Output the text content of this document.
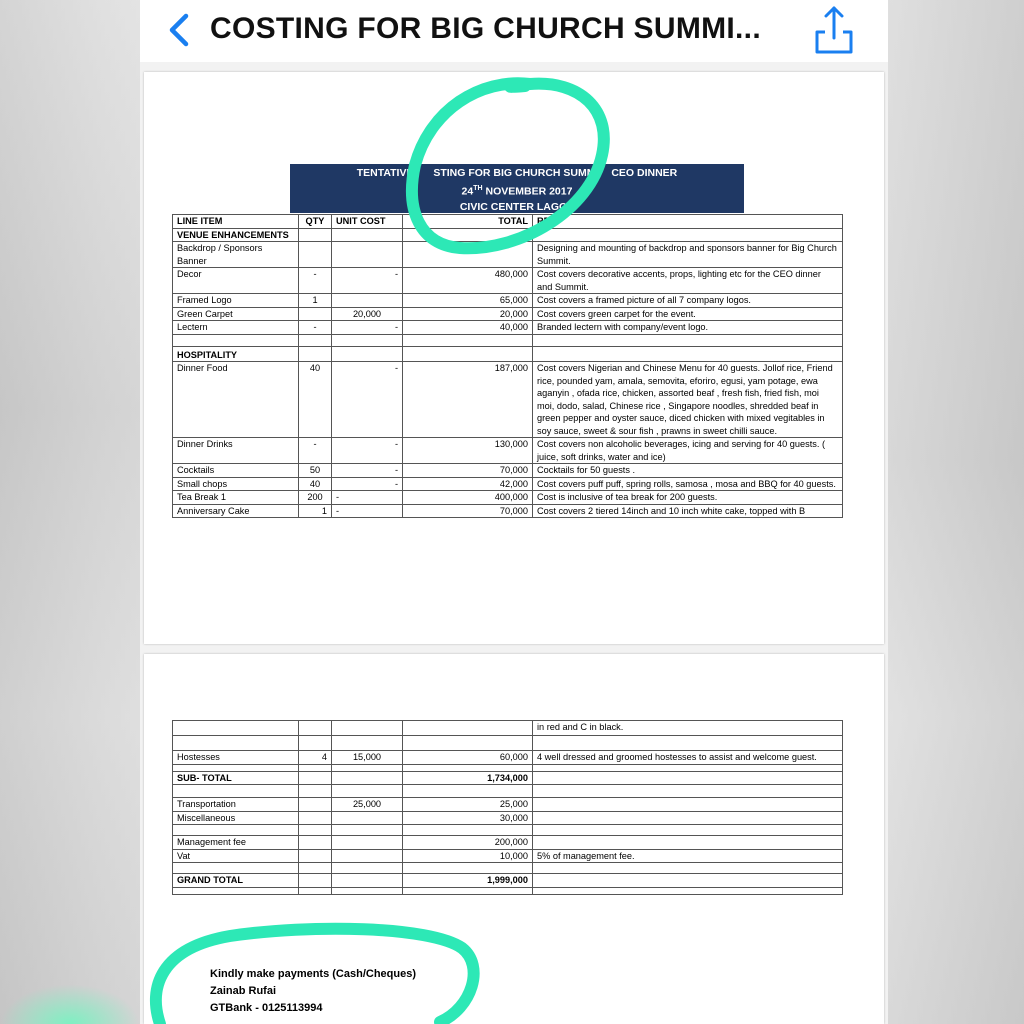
COSTING FOR BIG CHURCH SUMMI...
TENTATIVE STING FOR BIG CHURCH SUMM CEO DINNER
24TH NOVEMBER 2017
CIVIC CENTER LAGOS
LINE ITEM	QTY	UNIT COST	TOTAL	RE
VENUE ENHANCEMENTS				
Backdrop / Sponsors Banner				Designing and mounting of backdrop and sponsors banner for Big Church Summit.
Decor	-	-	480,000	Cost covers decorative accents, props, lighting etc for the CEO dinner and Summit.
Framed Logo	1		65,000	Cost covers a framed picture of all 7 company logos.
Green Carpet		20,000	20,000	Cost covers green carpet for the event.
Lectern	-	-	40,000	Branded lectern with company/event logo.

HOSPITALITY				
Dinner Food	40	-	187,000	Cost covers Nigerian and Chinese Menu for 40 guests. Jollof rice, Friend rice, pounded yam, amala, semovita, eforiro, egusi, yam potage, ewa aganyin , ofada rice, chicken, assorted beaf , fresh fish, fried fish, moi moi, dodo, salad, Chinese rice , Singapore noodles, shredded beaf in green pepper and oyster sauce, diced chicken with mixed vegitables in soy sauce, sweet & sour fish , prawns in sweet chilli sauce.
Dinner Drinks	-	-	130,000	Cost covers non alcoholic beverages, icing and serving for 40 guests. ( juice, soft drinks, water and ice)
Cocktails	50	-	70,000	Cocktails for 50 guests .
Small chops	40	-	42,000	Cost covers puff puff, spring rolls, samosa , mosa and BBQ for 40 guests.
Tea Break 1	200	-	400,000	Cost is inclusive of tea break for 200 guests.
Anniversary Cake	1	-	70,000	Cost covers 2 tiered 14inch and 10 inch white cake, topped with B
				in red and C in black.

Hostesses	4	15,000	60,000	4 well dressed and groomed hostesses to assist and welcome guest.

SUB- TOTAL			1,734,000	

Transportation		25,000	25,000	
Miscellaneous			30,000	

Management fee			200,000	
Vat			10,000	5% of management fee.

GRAND TOTAL			1,999,000	

Kindly make payments (Cash/Cheques)
Zainab Rufai
GTBank - 0125113994
